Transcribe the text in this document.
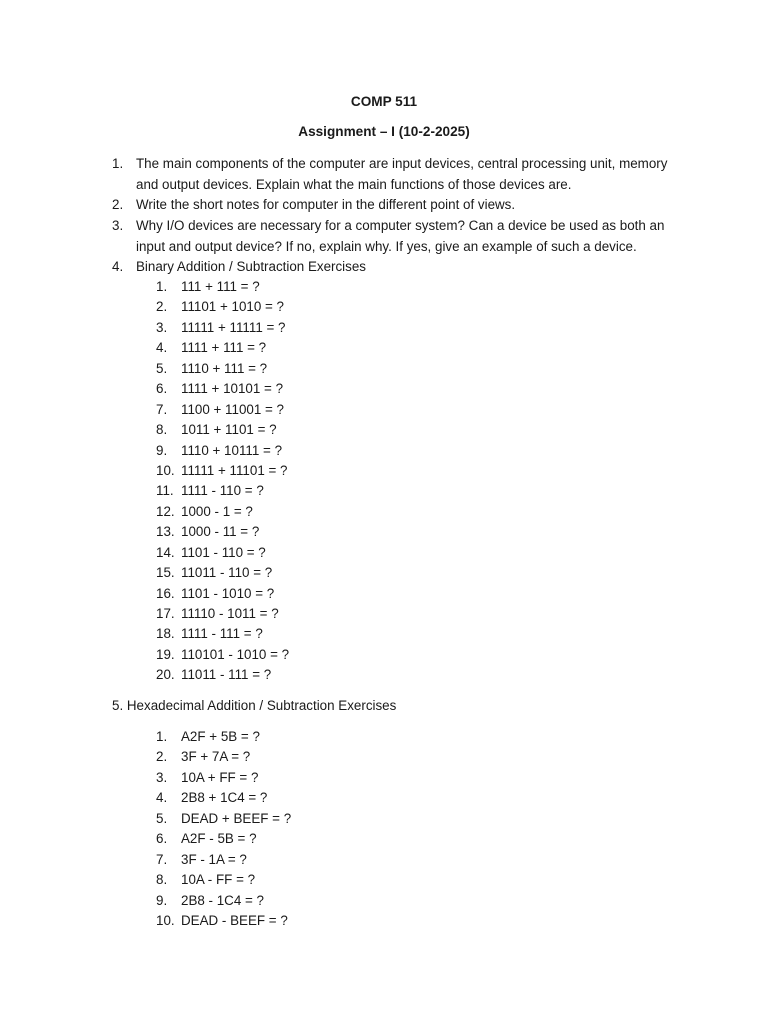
COMP 511
Assignment – I (10-2-2025)
1. The main components of the computer are input devices, central processing unit, memory and output devices. Explain what the main functions of those devices are.
2. Write the short notes for computer in the different point of views.
3. Why I/O devices are necessary for a computer system? Can a device be used as both an input and output device? If no, explain why. If yes, give an example of such a device.
4. Binary Addition / Subtraction Exercises
1. 111 + 111 = ?
2. 11101 + 1010 = ?
3. 11111 + 11111 = ?
4. 1111 + 111 = ?
5. 1110 + 111 = ?
6. 1111 + 10101 = ?
7. 1100 + 11001 = ?
8. 1011 + 1101 = ?
9. 1110 + 10111 = ?
10. 11111 + 11101 = ?
11. 1111 - 110 = ?
12. 1000 - 1 = ?
13. 1000 - 11 = ?
14. 1101 - 110 = ?
15. 11011 - 110 = ?
16. 1101 - 1010 = ?
17. 11110 - 1011 = ?
18. 1111 - 111 = ?
19. 110101 - 1010 = ?
20. 11011 - 111 = ?
5. Hexadecimal Addition / Subtraction Exercises
1. A2F + 5B = ?
2. 3F + 7A = ?
3. 10A + FF = ?
4. 2B8 + 1C4 = ?
5. DEAD + BEEF = ?
6. A2F - 5B = ?
7. 3F - 1A = ?
8. 10A - FF = ?
9. 2B8 - 1C4 = ?
10. DEAD - BEEF = ?
